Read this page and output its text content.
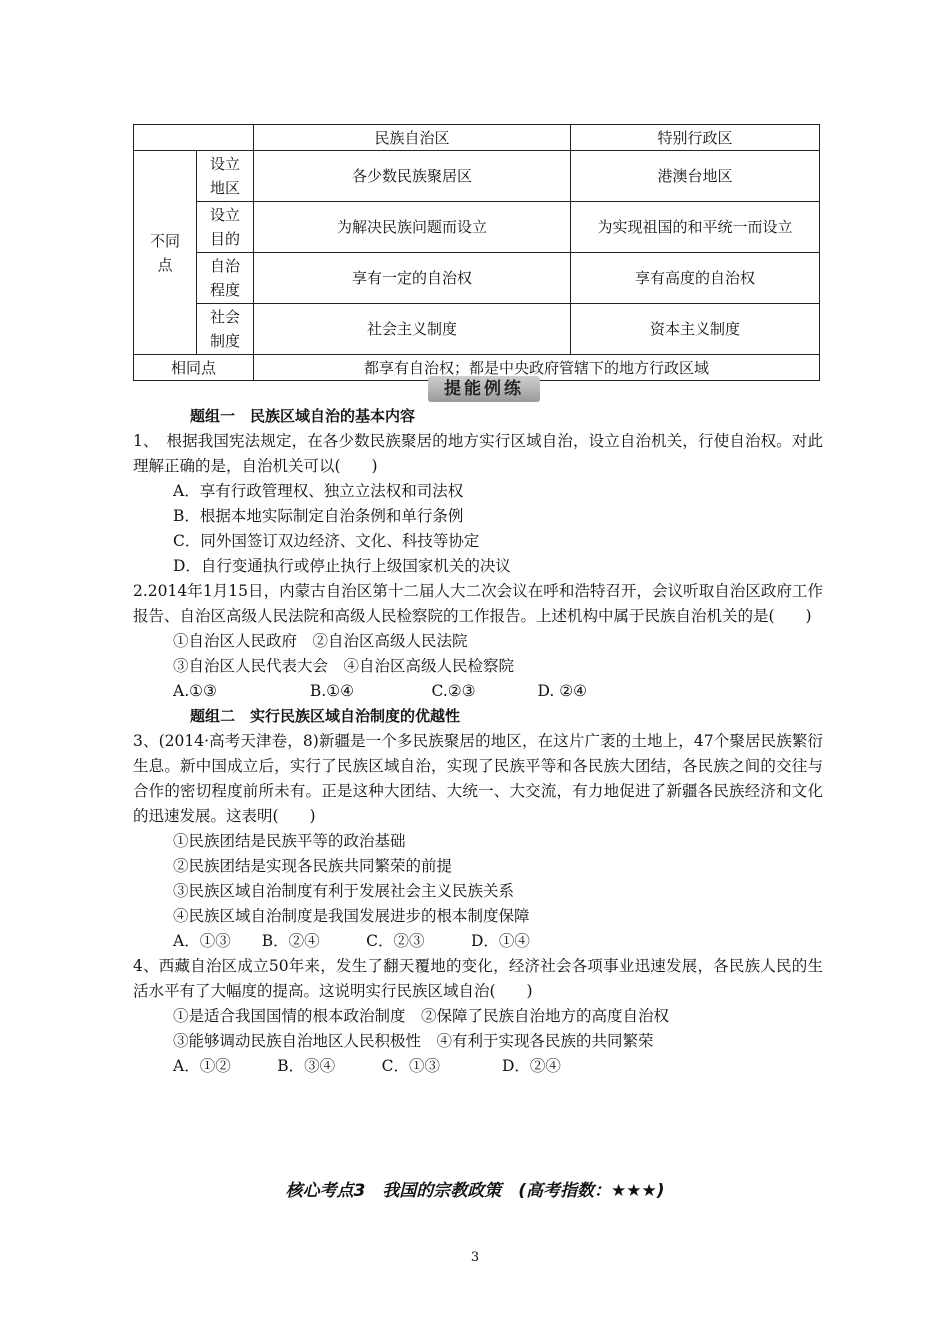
		民族自治区	特别行政区
不同点	设立地区	各少数民族聚居区	港澳台地区
	设立目的	为解决民族问题而设立	为实现祖国的和平统一而设立
	自治程度	享有一定的自治权	享有高度的自治权
	社会制度	社会主义制度	资本主义制度
相同点		都享有自治权；都是中央政府管辖下的地方行政区域	
提能例练
题组一　民族区域自治的基本内容
1、　根据我国宪法规定，在各少数民族聚居的地方实行区域自治，设立自治机关，行使自治权。对此理解正确的是，自治机关可以(　　)
A．享有行政管理权、独立立法权和司法权
B．根据本地实际制定自治条例和单行条例
C．同外国签订双边经济、文化、科技等协定
D．自行变通执行或停止执行上级国家机关的决议
2.2014年1月15日，内蒙古自治区第十二届人大二次会议在呼和浩特召开，会议听取自治区政府工作报告、自治区高级人民法院和高级人民检察院的工作报告。上述机构中属于民族自治机关的是(　　)
①自治区人民政府　②自治区高级人民法院
③自治区人民代表大会　④自治区高级人民检察院
A.①③　　　　　　B.①④　　　　　C.②③　　　　D. ②④
题组二　实行民族区域自治制度的优越性
3、(2014·高考天津卷，8)新疆是一个多民族聚居的地区，在这片广袤的土地上，47个聚居民族繁衍生息。新中国成立后，实行了民族区域自治，实现了民族平等和各民族大团结，各民族之间的交往与合作的密切程度前所未有。正是这种大团结、大统一、大交流，有力地促进了新疆各民族经济和文化的迅速发展。这表明(　　)
①民族团结是民族平等的政治基础
②民族团结是实现各民族共同繁荣的前提
③民族区域自治制度有利于发展社会主义民族关系
④民族区域自治制度是我国发展进步的根本制度保障
A．①③　　B．②④　　　C．②③　　　D．①④
4、西藏自治区成立50年来，发生了翻天覆地的变化，经济社会各项事业迅速发展，各民族人民的生活水平有了大幅度的提高。这说明实行民族区域自治(　　)
①是适合我国国情的根本政治制度　②保障了民族自治地方的高度自治权
③能够调动民族自治地区人民积极性　④有利于实现各民族的共同繁荣
A．①②　　　B．③④　　　C．①③　　　　D．②④
核心考点3　我国的宗教政策　(高考指数：★★★)
3
